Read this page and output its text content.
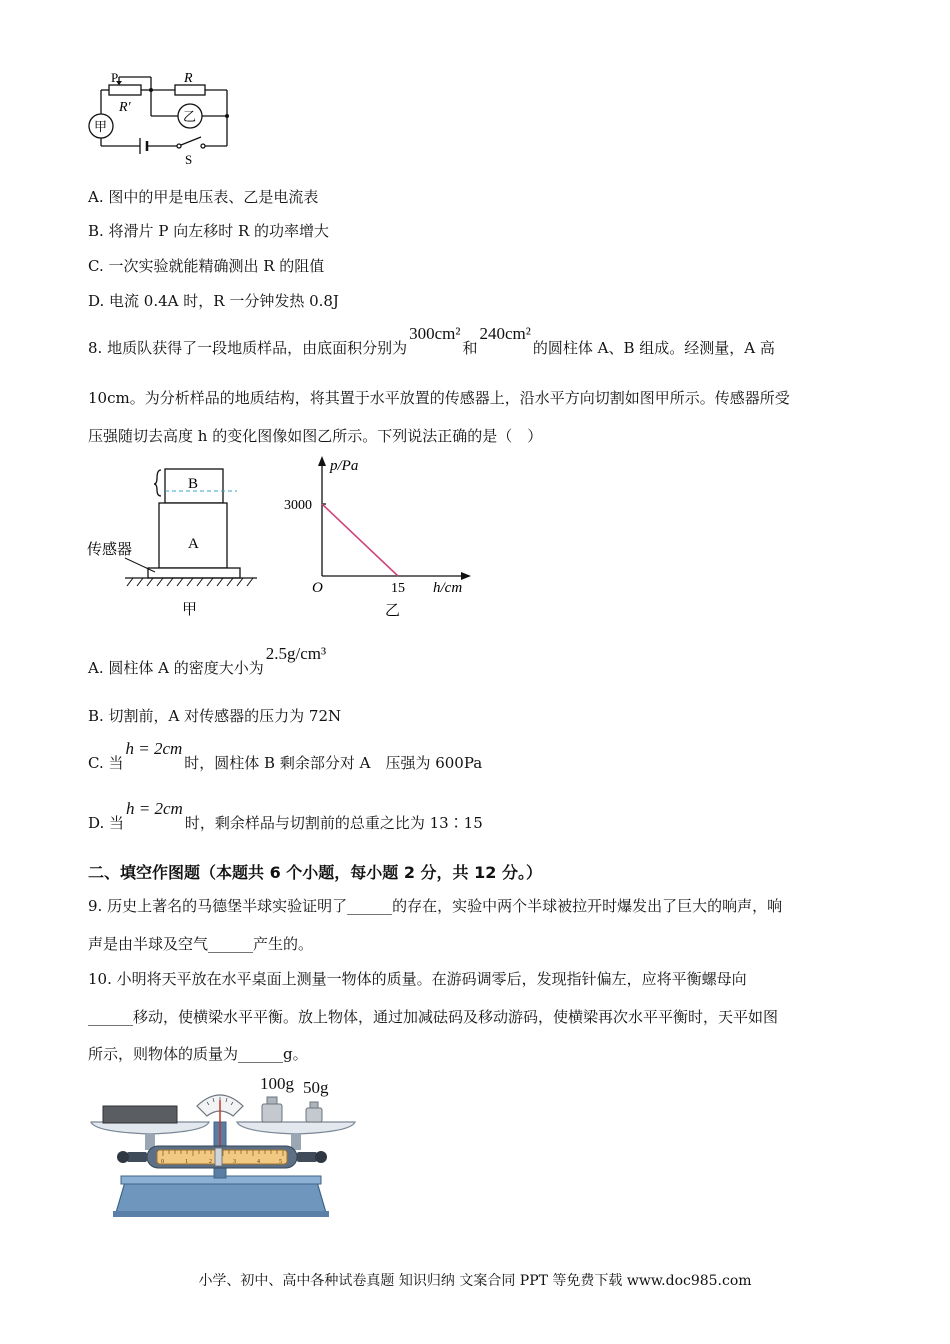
P	R
R′
甲
乙
S
A. 图中的甲是电压表、乙是电流表
B. 将滑片 P 向左移时 R 的功率增大
C. 一次实验就能精确测出 R 的阻值
D. 电流 0.4A 时，R 一分钟发热 0.8J
8. 地质队获得了一段地质样品，由底面积分别为300cm²和240cm²的圆柱体 A、B 组成。经测量，A 高
10cm。为分析样品的地质结构，将其置于水平放置的传感器上，沿水平方向切割如图甲所示。传感器所受
压强随切去高度 h 的变化图像如图乙所示。下列说法正确的是（　）
B
A
传感器
甲
p/Pa
h/cm
O
3000
15
乙
A. 圆柱体 A 的密度大小为2.5g/cm³
B. 切割前，A 对传感器的压力为 72N
C. 当h = 2cm时，圆柱体 B 剩余部分对 A　压强为 600Pa
D. 当h = 2cm时，剩余样品与切割前的总重之比为 13∶15
二、填空作图题（本题共 6 个小题，每小题 2 分，共 12 分。）
9. 历史上著名的马德堡半球实验证明了______的存在，实验中两个半球被拉开时爆发出了巨大的响声，响
声是由半球及空气______产生的。
10. 小明将天平放在水平桌面上测量一物体的质量。在游码调零后，发现指针偏左，应将平衡螺母向
______移动，使横梁水平平衡。放上物体，通过加减砝码及移动游码，使横梁再次水平平衡时，天平如图
所示，则物体的质量为______g。
100g 50g
0	1	2	3	4	5
小学、初中、高中各种试卷真题 知识归纳 文案合同 PPT 等免费下载 www.doc985.com
